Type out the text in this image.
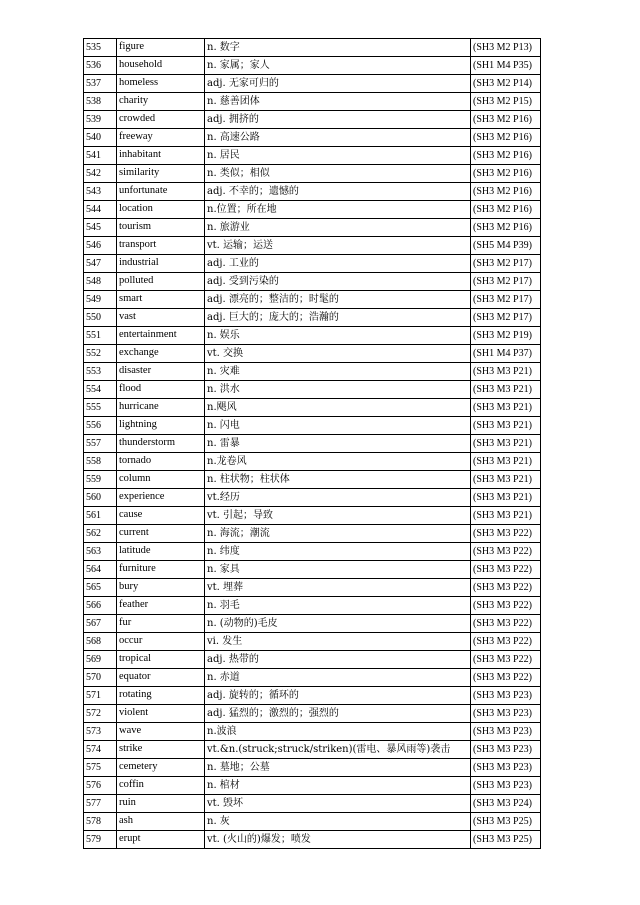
535	figure	n. 数字	(SH3 M2 P13)
536	household	n. 家属；家人	(SH1 M4 P35)
537	homeless	adj. 无家可归的	(SH3 M2 P14)
538	charity	n. 慈善团体	(SH3 M2 P15)
539	crowded	adj. 拥挤的	(SH3 M2 P16)
540	freeway	n. 高速公路	(SH3 M2 P16)
541	inhabitant	n. 居民	(SH3 M2 P16)
542	similarity	n. 类似；相似	(SH3 M2 P16)
543	unfortunate	adj. 不幸的；遗憾的	(SH3 M2 P16)
544	location	n.位置；所在地	(SH3 M2 P16)
545	tourism	n. 旅游业	(SH3 M2 P16)
546	transport	vt. 运输；运送	(SH5 M4 P39)
547	industrial	adj. 工业的	(SH3 M2 P17)
548	polluted	adj. 受到污染的	(SH3 M2 P17)
549	smart	adj. 漂亮的；整洁的；时髦的	(SH3 M2 P17)
550	vast	adj. 巨大的；庞大的；浩瀚的	(SH3 M2 P17)
551	entertainment	n. 娱乐	(SH3 M2 P19)
552	exchange	vt. 交换	(SH1 M4 P37)
553	disaster	n. 灾难	(SH3 M3 P21)
554	flood	n. 洪水	(SH3 M3 P21)
555	hurricane	n.飓风	(SH3 M3 P21)
556	lightning	n. 闪电	(SH3 M3 P21)
557	thunderstorm	n. 雷暴	(SH3 M3 P21)
558	tornado	n.龙卷风	(SH3 M3 P21)
559	column	n. 柱状物；柱状体	(SH3 M3 P21)
560	experience	vt.经历	(SH3 M3 P21)
561	cause	vt. 引起；导致	(SH3 M3 P21)
562	current	n. 海流；潮流	(SH3 M3 P22)
563	latitude	n. 纬度	(SH3 M3 P22)
564	furniture	n. 家具	(SH3 M3 P22)
565	bury	vt. 埋葬	(SH3 M3 P22)
566	feather	n. 羽毛	(SH3 M3 P22)
567	fur	n. (动物的)毛皮	(SH3 M3 P22)
568	occur	vi. 发生	(SH3 M3 P22)
569	tropical	adj. 热带的	(SH3 M3 P22)
570	equator	n. 赤道	(SH3 M3 P22)
571	rotating	adj. 旋转的；循环的	(SH3 M3 P23)
572	violent	adj. 猛烈的；激烈的；强烈的	(SH3 M3 P23)
573	wave	n.波浪	(SH3 M3 P23)
574	strike	vt.&n.(struck;struck/striken)(雷电、暴风雨等)袭击	(SH3 M3 P23)
575	cemetery	n. 墓地；公墓	(SH3 M3 P23)
576	coffin	n. 棺材	(SH3 M3 P23)
577	ruin	vt. 毁坏	(SH3 M3 P24)
578	ash	n. 灰	(SH3 M3 P25)
579	erupt	vt. (火山的)爆发；喷发	(SH3 M3 P25)
